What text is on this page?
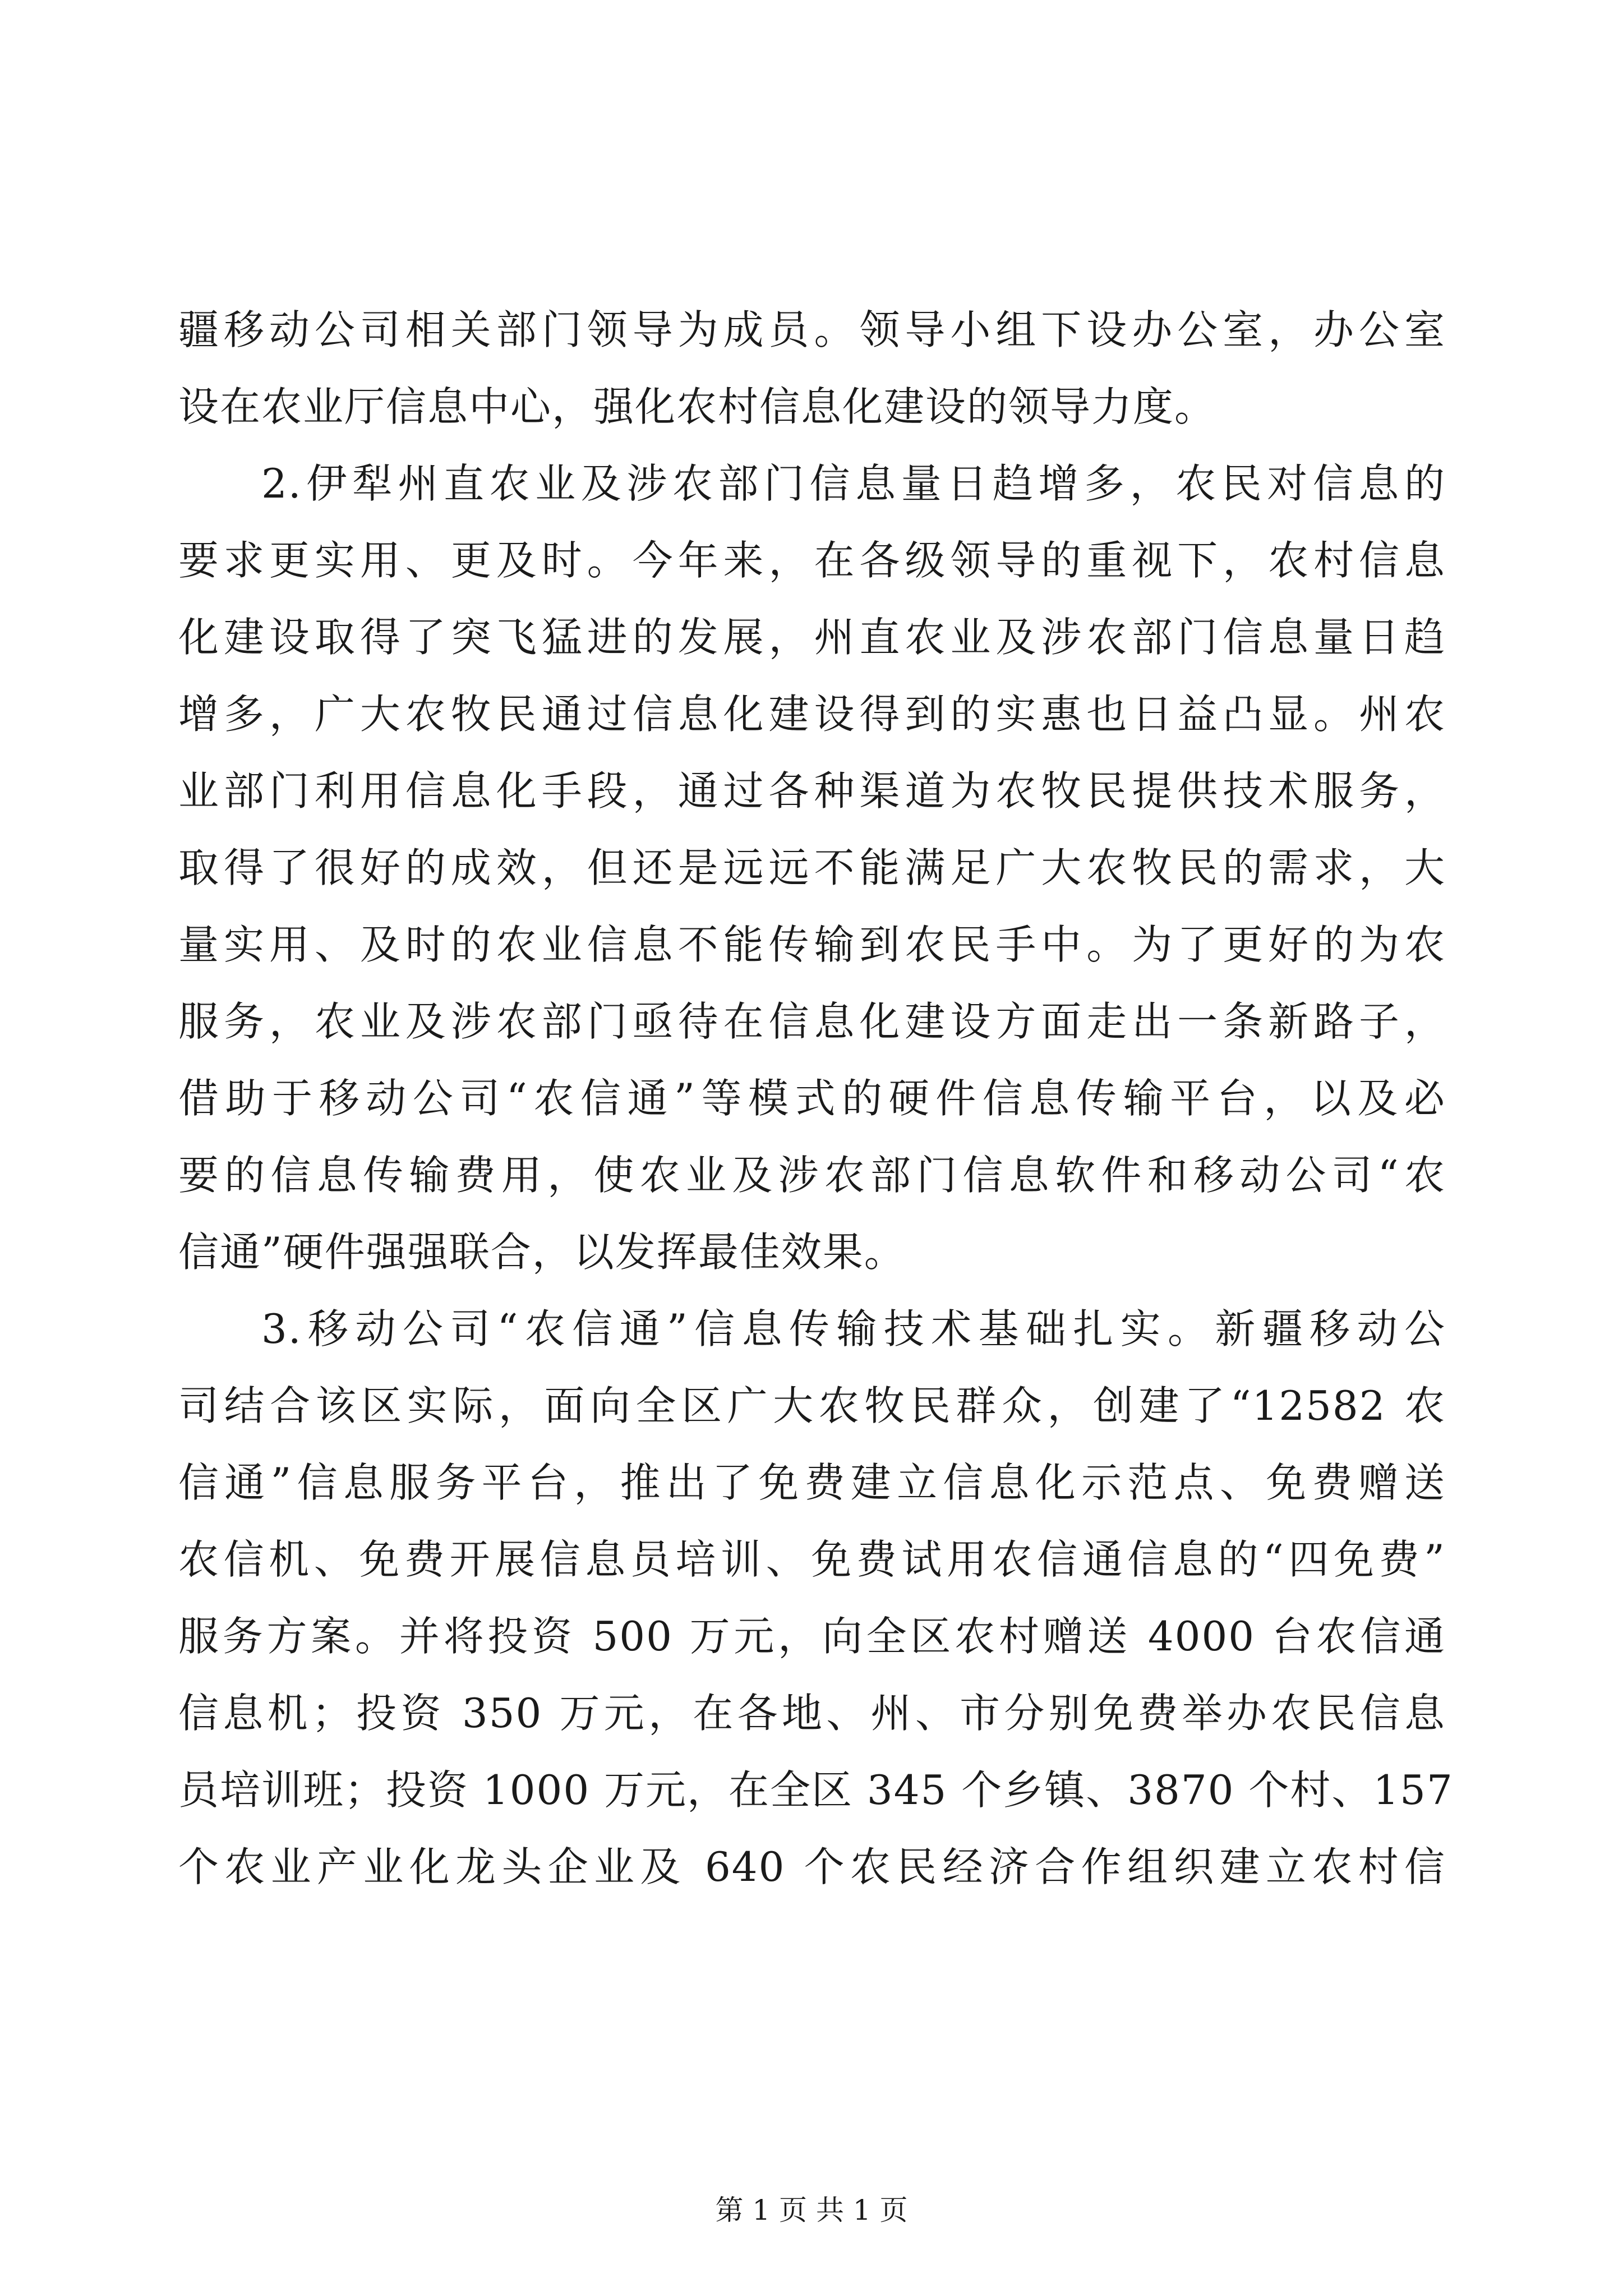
疆移动公司相关部门领导为成员。领导小组下设办公室，办公室
设在农业厅信息中心，强化农村信息化建设的领导力度。
2.伊犁州直农业及涉农部门信息量日趋增多，农民对信息的
要求更实用、更及时。今年来，在各级领导的重视下，农村信息
化建设取得了突飞猛进的发展，州直农业及涉农部门信息量日趋
增多，广大农牧民通过信息化建设得到的实惠也日益凸显。州农
业部门利用信息化手段，通过各种渠道为农牧民提供技术服务，
取得了很好的成效，但还是远远不能满足广大农牧民的需求，大
量实用、及时的农业信息不能传输到农民手中。为了更好的为农
服务，农业及涉农部门亟待在信息化建设方面走出一条新路子，
借助于移动公司“农信通”等模式的硬件信息传输平台，以及必
要的信息传输费用，使农业及涉农部门信息软件和移动公司“农
信通”硬件强强联合，以发挥最佳效果。
3.移动公司“农信通”信息传输技术基础扎实。新疆移动公
司结合该区实际，面向全区广大农牧民群众，创建了“12582 农
信通”信息服务平台，推出了免费建立信息化示范点、免费赠送
农信机、免费开展信息员培训、免费试用农信通信息的“四免费”
服务方案。并将投资 500 万元，向全区农村赠送 4000 台农信通
信息机；投资 350 万元，在各地、州、市分别免费举办农民信息
员培训班；投资 1000 万元，在全区 345 个乡镇、3870 个村、157
个农业产业化龙头企业及 640 个农民经济合作组织建立农村信
第 1 页 共 1 页
